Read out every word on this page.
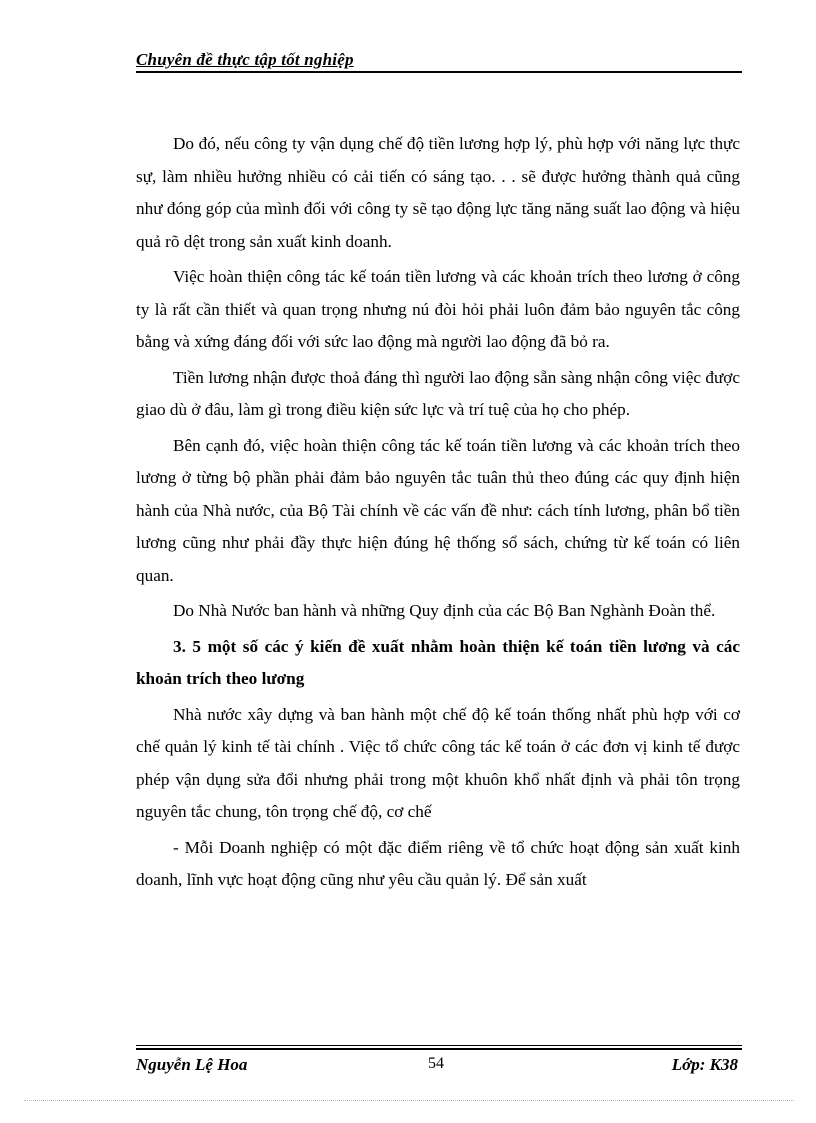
Chuyên đề thực tập tốt nghiệp

Do đó, nếu công ty vận dụng chế độ tiền lương hợp lý, phù hợp với năng lực thực sự, làm nhiều hưởng nhiều có cải tiến có sáng tạo. . . sẽ được hưởng thành quả cũng như đóng góp của mình đối với công ty sẽ tạo động lực tăng năng suất lao động và hiệu quả rõ dệt trong sản xuất kinh doanh.

Việc hoàn thiện công tác kế toán tiền lương và các khoản trích theo lương ở công ty là rất cần thiết và quan trọng nhưng nú đòi hỏi phải luôn đảm bảo nguyên tắc công bằng và xứng đáng đối với sức lao động mà người lao động đã bỏ ra.

Tiền lương nhận được thoả đáng thì người lao động sẵn sàng nhận công việc được giao dù ở đâu, làm gì trong điều kiện sức lực và trí tuệ của họ cho phép.

Bên cạnh đó, việc hoàn thiện công tác kế toán tiền lương và các khoản trích theo lương ở từng bộ phần phải đảm bảo nguyên tắc tuân thủ theo đúng các quy định hiện hành của Nhà nước, của Bộ Tài chính về các vấn đề như: cách tính lương, phân bổ tiền lương cũng như phải đầy thực hiện đúng hệ thống sổ sách, chứng từ kế toán có liên quan.

Do Nhà Nước ban hành và những Quy định của các Bộ Ban Nghành Đoàn thể.

3. 5 một số các ý kiến đề xuất nhằm hoàn thiện kế toán tiền lương và các khoản trích theo lương

Nhà nước xây dựng và ban hành một chế độ kế toán thống nhất phù hợp với cơ chế quản lý kinh tế tài chính . Việc tổ chức công tác kế toán ở các đơn vị kinh tế được phép vận dụng sửa đổi nhưng phải trong một khuôn khổ nhất định và phải tôn trọng nguyên tắc chung, tôn trọng chế độ, cơ chế

- Mỗi Doanh nghiệp có một đặc điểm riêng về tổ chức hoạt động sản xuất kinh doanh, lĩnh vực hoạt động cũng như yêu cầu quản lý. Để sản xuất

Nguyễn Lệ Hoa	54	Lớp: K38
